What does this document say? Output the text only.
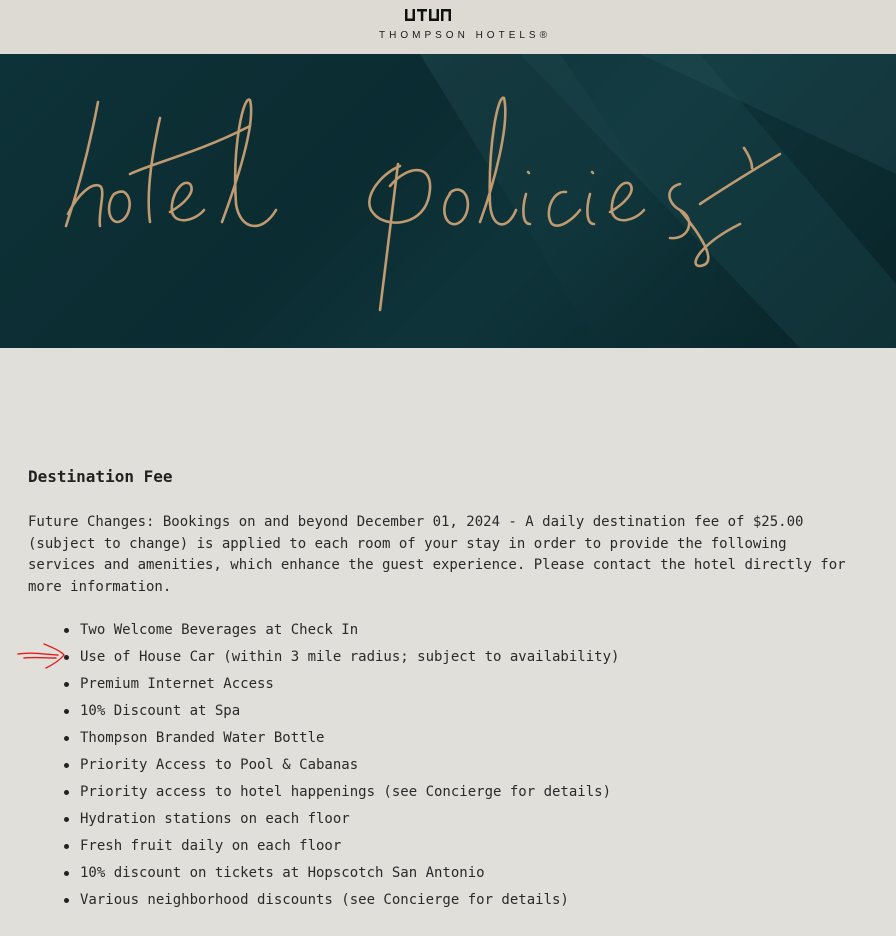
THOMPSON HOTELS®
Destination Fee

Future Changes: Bookings on and beyond December 01, 2024 - A daily destination fee of $25.00 (subject to change) is applied to each room of your stay in order to provide the following services and amenities, which enhance the guest experience. Please contact the hotel directly for more information.

Two Welcome Beverages at Check In
Use of House Car (within 3 mile radius; subject to availability)
Premium Internet Access
10% Discount at Spa
Thompson Branded Water Bottle
Priority Access to Pool & Cabanas
Priority access to hotel happenings (see Concierge for details)
Hydration stations on each floor
Fresh fruit daily on each floor
10% discount on tickets at Hopscotch San Antonio
Various neighborhood discounts (see Concierge for details)
